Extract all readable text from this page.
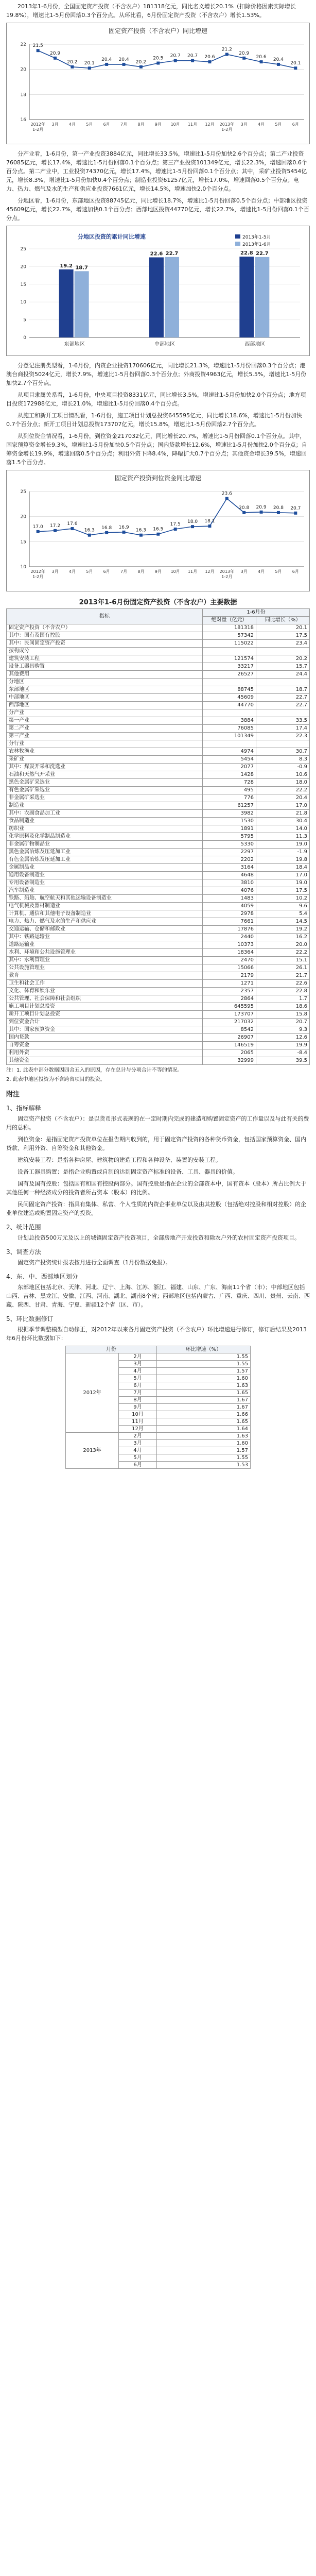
2013年1-6月份，全国固定资产投资（不含农户）181318亿元，同比名义增长20.1%（扣除价格因素实际增长19.8%），增速比1-5月份回落0.3个百分点。从环比看，6月份固定资产投资（不含农户）增长1.53%。

固定资产投资（不含农户）同比增速
16
18
20
22 21.5
20.9
20.2 20.1
20.4 20.4 20.2
20.5 20.7 20.7 20.6
21.2
20.9
20.6 20.4
20.1
2012年 1-2月
3月	4月	5月	6月	7月	8月	9月 10月 11月 12月 2013年 1-2月
3月	4月	5月	6月

分产业看，1-6月份，第一产业投资3884亿元，同比增长33.5%，增速比1-5月份加快2.6个百分点；第二产业投资76085亿元，增长17.4%，增速比1-5月份回落0.1个百分点；第三产业投资101349亿元，增长22.3%，增速回落0.6个百分点。第二产业中，工业投资74370亿元，增长17.4%，增速比1-5月份回落0.1个百分点；其中，采矿业投资5454亿元，增长8.3%，增速比1-5月份加快0.4个百分点；制造业投资61257亿元，增长17.0%，增速回落0.5个百分点；电力、热力、燃气及水的生产和供应业投资7661亿元，增长14.5%，增速加快2.0个百分点。

分地区看，1-6月份，东部地区投资88745亿元，同比增长18.7%，增速比1-5月份回落0.5个百分点；中部地区投资45609亿元，增长22.7%，增速加快0.1个百分点；西部地区投资44770亿元，增长22.7%，增速比1-5月份回落0.1个百分点。

分地区投资的累计同比增速	2013年1-5月
2013年1-6月
0
5
10
15
20
25
19.2 18.7
东部地区
22.6 22.7
中部地区
22.8 22.7
西部地区

分登记注册类型看，1-6月份，内资企业投资170606亿元，同比增长21.3%，增速比1-5月份回落0.3个百分点；港澳台商投资5024亿元，增长7.9%，增速比1-5月份回落0.3个百分点；外商投资4963亿元，增长5.5%，增速比1-5月份加快2.7个百分点。

从项目隶属关系看，1-6月份，中央项目投资8331亿元，同比增长3.5%，增速比1-5月份加快2.0个百分点；地方项目投资172988亿元，增长21.0%，增速比1-5月份回落0.4个百分点。

从施工和新开工项目情况看，1-6月份，施工项目计划总投资645595亿元，同比增长18.6%，增速比1-5月份加快0.7个百分点；新开工项目计划总投资173707亿元，增长15.8%，增速比1-5月份回落2.7个百分点。

从到位资金情况看，1-6月份，到位资金217032亿元，同比增长20.7%，增速比1-5月份回落0.1个百分点。其中，国家预算资金增长9.3%，增速比1-5月份加快0.5个百分点；国内贷款增长12.6%，增速比1-5月份加快2.0个百分点；自筹资金增长19.9%，增速回落0.5个百分点；利用外资下降8.4%，降幅扩大0.7个百分点；其他资金增长39.5%，增速回落1.5个百分点。

固定资产投资到位资金同比增速
10
15
20
25
17.0 17.2 17.6
16.3 16.8 16.9
16.3 16.5
17.5 18.0 18.1
23.6
20.8 20.9 20.8 20.7
2012年 1-2月
3月	4月	5月	6月	7月	8月	9月 10月 11月 12月 2013年 1-2月
3月	4月	5月	6月
2013年1-6月份固定资产投资（不含农户）主要数据
指标	1-6月份	
	绝对量（亿元）	同比增长（%）
固定资产投资（不含农户）	181318	20.1
其中：国有及国有控股	57342	17.5
其中：民间固定资产投资	115022	23.4
按构成分		
建筑安装工程	121574	20.2
设备工器具购置	33217	15.7
其他费用	26527	24.4
分地区		
东部地区	88745	18.7
中部地区	45609	22.7
西部地区	44770	22.7
分产业		
第一产业	3884	33.5
第二产业	76085	17.4
第三产业	101349	22.3
分行业		
农林牧渔业	4974	30.7
采矿业	5454	8.3
其中：煤炭开采和洗选业	2077	-0.9
石油和天然气开采业	1428	10.6
黑色金属矿采选业	728	18.0
有色金属矿采选业	495	22.2
非金属矿采选业	776	20.4
制造业	61257	17.0
其中：农副食品加工业	3982	21.8
食品制造业	1530	30.4
纺织业	1891	14.0
化学原料及化学制品制造业	5795	11.3
非金属矿物制品业	5330	19.0
黑色金属冶炼及压延加工业	2297	-1.9
有色金属冶炼及压延加工业	2202	19.8
金属制品业	3164	18.4
通用设备制造业	4648	17.0
专用设备制造业	3810	19.0
汽车制造业	4076	17.5
铁路、船舶、航空航天和其他运输设备制造业	1483	10.2
电气机械及器材制造业	4059	9.6
计算机、通信和其他电子设备制造业	2978	5.4
电力、热力、燃气及水的生产和供应业	7661	14.5
交通运输、仓储和邮政业	17876	19.2
其中：铁路运输业	2440	16.2
道路运输业	10373	20.0
水利、环境和公共设施管理业	18364	22.2
其中：水利管理业	2470	15.1
公共设施管理业	15066	26.1
教育	2179	21.7
卫生和社会工作	1271	22.6
文化、体育和娱乐业	2357	22.8
公共管理、社会保障和社会组织	2864	1.7
施工项目计划总投资	645595	18.6
新开工项目计划总投资	173707	15.8
到位资金合计	217032	20.7
其中：国家预算资金	8542	9.3
国内贷款	26907	12.6
自筹资金	146519	19.9
利用外资	2065	-8.4
其他资金	32999	39.5

注：1. 此表中部分数据因四舍五入的原因，存在总计与分项合计不等的情况。

2. 此表中地区投资为不含跨省项目的投资。

附注
1、指标解释

固定资产投资（不含农户）：是以货币形式表现的在一定时期内完成的建造和购置固定资产的工作量以及与此有关的费用的总称。

到位资金：是指固定资产投资单位在报告期内收到的，用于固定资产投资的各种货币资金，包括国家预算资金、国内贷款、利用外资、自筹资金和其他资金。

建筑安装工程：是指各种房屋、建筑物的建造工程和各种设备、装置的安装工程。

设备工器具购置：是指企业购置或自制的达到固定资产标准的设备、工具、器具的价值。

国有及国有控股：包括国有和国有控股两部分。国有控股是指在企业的全部资本中，国有资本（股本）所占比例大于其他任何一种经济成分的投资者所占资本（股本）的比例。

民间固定资产投资：指具有集体、私营、个人性质的内资企事业单位以及由其控股（包括绝对控股和相对控股）的企业单位建造或购置固定资产的投资。

2、统计范围

计划总投资500万元及以上的城镇固定资产投资项目，全部房地产开发投资和除农户外的农村固定资产投资项目。

3、调查方法

固定资产投资统计报表按月进行全面调查（1月份数据免报）。

4、东、中、西部地区划分

东部地区包括北京、天津、河北、辽宁、上海、江苏、浙江、福建、山东、广东、海南11个省（市）；中部地区包括山西、吉林、黑龙江、安徽、江西、河南、湖北、湖南8个省；西部地区包括内蒙古、广西、重庆、四川、贵州、云南、西藏、陕西、甘肃、青海、宁夏、新疆12个省（区、市）。

5、环比数据修订

根据季节调整模型自动修正，对2012年以来各月固定资产投资（不含农户）环比增速进行修订，修订后结果及2013年6月份环比数据如下：

月份		环比增速（%）
2012年	2月	1.55
	3月	1.55
	4月	1.57
	5月	1.60
	6月	1.63
	7月	1.65
	8月	1.67
	9月	1.67
	10月	1.66
	11月	1.65
	12月	1.64
2013年	2月	1.63
	3月	1.60
	4月	1.57
	5月	1.55
	6月	1.53
